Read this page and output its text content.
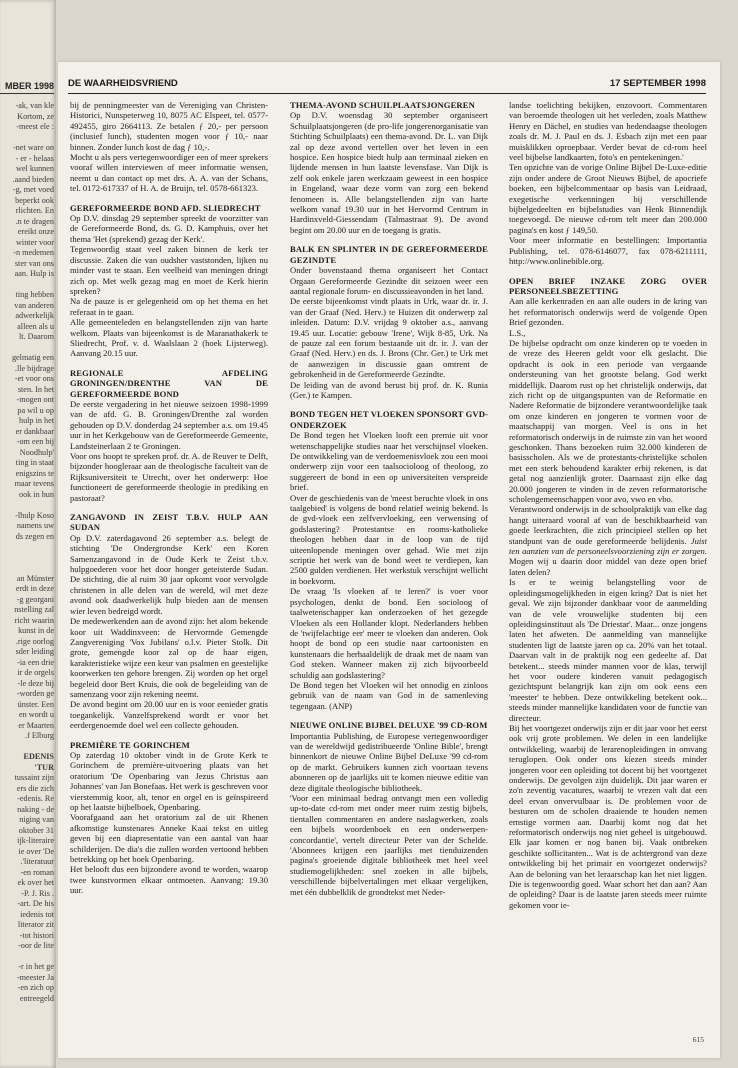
MBER 1998
ak, van kle-
Kortom, ze
: meest ele-
net ware on-
er - helaas -
wel kunnen
aand bieden.
g, met voed-
beperkt ook
rlichten. En
n te dragen.
ereikt onze
winter voor
n medemen-
ster van ons
aan. Hulp is
ting hebben
van anderen
adwerkelijk
alleen als u
lt. Daarom
gelmatig een
lle bijdrage.
et voor ons-
sten. In het
mogen ont-
pa wil u op
hulp in het
er dankbaar
om een bij-
'Noodhulp
ting in staat
enigszins te
maar tevens
ook in hun
lhulp Koso-
namens uw
ds zegen en
an Münster
erdt in deze
g georgani-
nstelling zal
richt waarin
kunst in de
rige oorlog.
sder leiding
ia een drie-
ir de orgels
le deze bij-
worden ge-
ünster. Een
en wordt u
er Maarten
f Elburg.
EDENIS
TUR'
tussaint zijn
ers die zich
edenis. Re-
naking - de
niging van
31 oktober
ijk-literaire
ie over 'De
literatuur'.
en roman-
ek over het
. P. J. Ris-
art. De his-
iedenis tot
literator zit
tot histori-
oor de lite-
r in het ge-
meester Ja-
en zich op-
entreegeld
DE WAARHEIDSVRIEND	17 SEPTEMBER 1998

bij de penningmeester van de Vereniging van Christen-Historici, Nunspeterweg 10, 8075 AC Elspeet, tel. 0577-492455, giro 2664113. Ze betalen ƒ 20,- per persoon (inclusief lunch), studenten mogen voor ƒ 10,- naar binnen. Zonder lunch kost de dag ƒ 10,-.

Mocht u als pers vertegenwoordiger een of meer sprekers vooraf willen interviewen of meer informatie wensen, neemt u dan contact op met drs. A. A. van der Schans, tel. 0172-617337 of H. A. de Bruijn, tel. 0578-661323.

GEREFORMEERDE BOND AFD. SLIEDRECHT

Op D.V. dinsdag 29 september spreekt de voorzitter van de Gereformeerde Bond, ds. G. D. Kamphuis, over het thema 'Het (sprekend) gezag der Kerk'.

Tegenwoordig staat veel zaken binnen de kerk ter discussie. Zaken die van oudsher vaststonden, lijken nu minder vast te staan. Een veelheid van meningen dringt zich op. Met welk gezag mag en moet de Kerk hierin spreken?

Na de pauze is er gelegenheid om op het thema en het referaat in te gaan.

Alle gemeenteleden en belangstellenden zijn van harte welkom. Plaats van bijeenkomst is de Maranathakerk te Sliedrecht, Prof. v. d. Waalslaan 2 (hoek Lijsterweg). Aanvang 20.15 uur.

REGIONALE AFDELING GRONINGEN/DRENTHE VAN DE GEREFORMEERDE BOND

De eerste vergadering in het nieuwe seizoen 1998-1999 van de afd. G. B. Groningen/Drenthe zal worden gehouden op D.V. donderdag 24 september a.s. om 19.45 uur in het Kerkgebouw van de Gereformeerde Gemeente, Landsteinerlaan 2 te Groningen.

Voor ons hoopt te spreken prof. dr. A. de Reuver te Delft, bijzonder hoogleraar aan de theologische faculteit van de Rijksuniversiteit te Utrecht, over het onderwerp: Hoe functioneert de gereformeerde theologie in prediking en pastoraat?

ZANGAVOND IN ZEIST T.B.V. HULP AAN SUDAN

Op D.V. zaterdagavond 26 september a.s. belegt de stichting 'De Ondergrondse Kerk' een Koren Samenzangavond in de Oude Kerk te Zeist t.b.v. hulpgoederen voor het door honger geteisterde Sudan. De stichting, die al ruim 30 jaar opkomt voor vervolgde christenen in alle delen van de wereld, wil met deze avond ook daadwerkelijk hulp bieden aan de mensen wier leven bedreigd wordt.

De medewerkenden aan de avond zijn: het alom bekende koor uit Waddinxveen: de Hervormde Gemengde Zangvereniging 'Vox Jubilans' o.l.v. Pieter Stolk. Dit grote, gemengde koor zal op de haar eigen, karakteristieke wijze een keur van psalmen en geestelijke koorwerken ten gehore brengen. Zij worden op het orgel begeleid door Bert Kruis, die ook de begeleiding van de samenzang voor zijn rekening neemt.

De avond begint om 20.00 uur en is voor eenieder gratis toegankelijk. Vanzelfsprekend wordt er voor het eerdergenoemde doel wel een collecte gehouden.

PREMIÈRE TE GORINCHEM

Op zaterdag 10 oktober vindt in de Grote Kerk te Gorinchem de première-uitvoering plaats van het oratorium 'De Openbaring van Jezus Christus aan Johannes' van Jan Bonefaas. Het werk is geschreven voor vierstemmig koor, alt, tenor en orgel en is geïnspireerd op het laatste bijbelboek, Openbaring.

Voorafgaand aan het oratorium zal de uit Rhenen afkomstige kunstenares Anneke Kaai tekst en uitleg geven bij een diapresentatie van een aantal van haar schilderijen. De dia's die zullen worden vertoond hebben betrekking op het boek Openbaring.

Het belooft dus een bijzondere avond te worden, waarop twee kunstvormen elkaar ontmoeten. Aanvang: 19.30 uur.

THEMA-AVOND SCHUILPLAATSJONGEREN

Op D.V. woensdag 30 september organiseert Schuilplaatsjongeren (de pro-life jongerenorganisatie van Stichting Schuilplaats) een thema-avond. Dr. L. van Dijk zal op deze avond vertellen over het leven in een hospice. Een hospice biedt hulp aan terminaal zieken en lijdende mensen in hun laatste levensfase. Van Dijk is zelf ook enkele jaren werkzaam geweest in een hospice in Engeland, waar deze vorm van zorg een bekend fenomeen is. Alle belangstellenden zijn van harte welkom vanaf 19.30 uur in het Hervormd Centrum in Hardinxveld-Giessendam (Talmastraat 9). De avond begint om 20.00 uur en de toegang is gratis.

BALK EN SPLINTER IN DE GEREFORMEERDE GEZINDTE

Onder bovenstaand thema organiseert het Contact Orgaan Gereformeerde Gezindte dit seizoen weer een aantal regionale forum- en discussieavonden in het land.

De eerste bijeenkomst vindt plaats in Urk, waar dr. ir. J. van der Graaf (Ned. Herv.) te Huizen dit onderwerp zal inleiden. Datum: D.V. vrijdag 9 oktober a.s., aanvang 19.45 uur. Locatie: gebouw 'Irene', Wijk 8-85, Urk. Na de pauze zal een forum bestaande uit dr. ir. J. van der Graaf (Ned. Herv.) en ds. J. Brons (Chr. Ger.) te Urk met de aanwezigen in discussie gaan omtrent de gebrokenheid in de Gereformeerde Gezindte.

De leiding van de avond berust bij prof. dr. K. Runia (Ger.) te Kampen.

BOND TEGEN HET VLOEKEN SPONSORT GVD-ONDERZOEK

De Bond tegen het Vloeken looft een premie uit voor wetenschappelijke studies naar het verschijnsel vloeken. De ontwikkeling van de verdoemenisvloek zou een mooi onderwerp zijn voor een taalsocioloog of theoloog, zo suggereert de bond in een op universiteiten verspreide brief.

Over de geschiedenis van de 'meest beruchte vloek in ons taalgebied' is volgens de bond relatief weinig bekend. Is de gvd-vloek een zelfvervloeking, een verwensing of godslastering? Protestantse en rooms-katholieke theologen hebben daar in de loop van de tijd uiteenlopende meningen over gehad. Wie met zijn scriptie het werk van de bond weet te verdiepen, kan 2500 gulden verdienen. Het werkstuk verschijnt wellicht in boekvorm.

De vraag 'Is vloeken af te leren?' is voer voor psychologen, denkt de bond. Een socioloog of taalwetenschapper kan onderzoeken of het gezegde Vloeken als een Hollander klopt. Nederlanders hebben de 'twijfelachtige eer' meer te vloeken dan anderen. Ook hoopt de bond op een studie naar cartoonisten en kunstenaars die herhaaldelijk de draak met de naam van God steken. Wanneer maken zij zich bijvoorbeeld schuldig aan godslastering?

De Bond tegen het Vloeken wil het onnodig en zinloos gebruik van de naam van God in de samenleving tegengaan. (ANP)

NIEUWE ONLINE BIJBEL DELUXE '99 CD-ROM

Importantia Publishing, de Europese vertegenwoordiger van de wereldwijd gedistribueerde 'Online Bible', brengt binnenkort de nieuwe Online Bijbel DeLuxe '99 cd-rom op de markt. Gebruikers kunnen zich voortaan tevens abonneren op de jaarlijks uit te komen nieuwe editie van deze digitale theologische bibliotheek.

'Voor een minimaal bedrag ontvangt men een volledig up-to-date cd-rom met onder meer ruim zestig bijbels, tientallen commentaren en andere naslagwerken, zoals een bijbels woordenboek en een onderwerpen-concordantie', vertelt directeur Peter van der Schelde. 'Abonnees krijgen een jaarlijks met tienduizenden pagina's groeiende digitale bibliotheek met heel veel studiemogelijkheden: snel zoeken in alle bijbels, verschillende bijbelvertalingen met elkaar vergelijken, met één dubbelklik de grondtekst met Neder-

landse toelichting bekijken, enzovoort. Commentaren van beroemde theologen uit het verleden, zoals Matthew Henry en Dächel, en studies van hedendaagse theologen zoals dr. M. J. Paul en ds. J. Esbach zijn met een paar muisklikken oproepbaar. Verder bevat de cd-rom heel veel bijbelse landkaarten, foto's en pentekeningen.'

Ten opzichte van de vorige Online Bijbel De-Luxe-editie zijn onder andere de Groot Nieuws Bijbel, de apocriefe boeken, een bijbelcommentaar op basis van Leidraad, exegetische verkenningen bij verschillende bijbelgedeelten en bijbelstudies van Henk Binnendijk toegevoegd. De nieuwe cd-rom telt meer dan 200.000 pagina's en kost ƒ 149,50.

Voor meer informatie en bestellingen: Importantia Publishing, tel. 078-6146077, fax 078-6211111, http://www.onlinebible.org.

OPEN BRIEF INZAKE ZORG OVER PERSONEELSBEZETTING

Aan alle kerkenraden en aan alle ouders in de kring van het reformatorisch onderwijs werd de volgende Open Brief gezonden.

L.S.,

De bijbelse opdracht om onze kinderen op te voeden in de vreze des Heeren geldt voor elk geslacht. Die opdracht is ook in een periode van vergaande ondersteuning van het grootste belang. God werkt middellijk. Daarom rust op het christelijk onderwijs, dat zich richt op de uitgangspunten van de Reformatie en Nadere Reformatie de bijzondere verantwoordelijke taak om onze kinderen en jongeren te vormen voor de maatschappij van morgen. Veel is ons in het reformatorisch onderwijs in de ruimste zin van het woord geschonken. Thans bezoeken ruim 32.000 kinderen de basisscholen. Als we de protestants-christelijke scholen met een sterk behoudend karakter erbij rekenen, is dat getal nog aanzienlijk groter. Daarnaast zijn elke dag 20.000 jongeren te vinden in de zeven reformatorische scholengemeenschappen voor avo, vwo en vbo.

Verantwoord onderwijs in de schoolpraktijk van elke dag hangt uiteraard vooral af van de beschikbaarheid van goede leerkrachten, die zich principieel stellen op het standpunt van de oude gereformeerde belijdenis. Juist ten aanzien van de personeelsvoorziening zijn er zorgen. Mogen wij u daarin door middel van deze open brief laten delen?

Is er te weinig belangstelling voor de opleidingsmogelijkheden in eigen kring? Dat is niet het geval. We zijn bijzonder dankbaar voor de aanmelding van de vele vrouwelijke studenten bij een opleidingsinstituut als 'De Driestar'. Maar... onze jongens laten het afweten. De aanmelding van mannelijke studenten ligt de laatste jaren op ca. 20% van het totaal. Daarvan valt in de praktijk nog een gedeelte af. Dat betekent... steeds minder mannen voor de klas, terwijl het voor oudere kinderen vanuit pedagogisch gezichtspunt belangrijk kan zijn om ook eens een 'meester' te hebben. Deze ontwikkeling betekent ook... steeds minder mannelijke kandidaten voor de functie van directeur.

Bij het voortgezet onderwijs zijn er dit jaar voor het eerst ook vrij grote problemen. We delen in een landelijke ontwikkeling, waarbij de lerarenopleidingen in omvang teruglopen. Ook onder ons kiezen steeds minder jongeren voor een opleiding tot docent bij het voortgezet onderwijs. De gevolgen zijn duidelijk. Dit jaar waren er zo'n zeventig vacatures, waarbij te vrezen valt dat een deel ervan onvervulbaar is. De problemen voor de besturen om de scholen draaiende te houden nemen ernstige vormen aan. Daarbij komt nog dat het reformatorisch onderwijs nog niet geheel is uitgebouwd. Elk jaar komen er nog banen bij. Vaak ontbreken geschikte sollicitanten... Wat is de achtergrond van deze ontwikkeling bij het primair en voortgezet onderwijs? Aan de beloning van het leraarschap kan het niet liggen. Die is tegenwoordig goed. Waar schort het dan aan? Aan de opleiding? Daar is de laatste jaren steeds meer ruimte gekomen voor ie-

615
